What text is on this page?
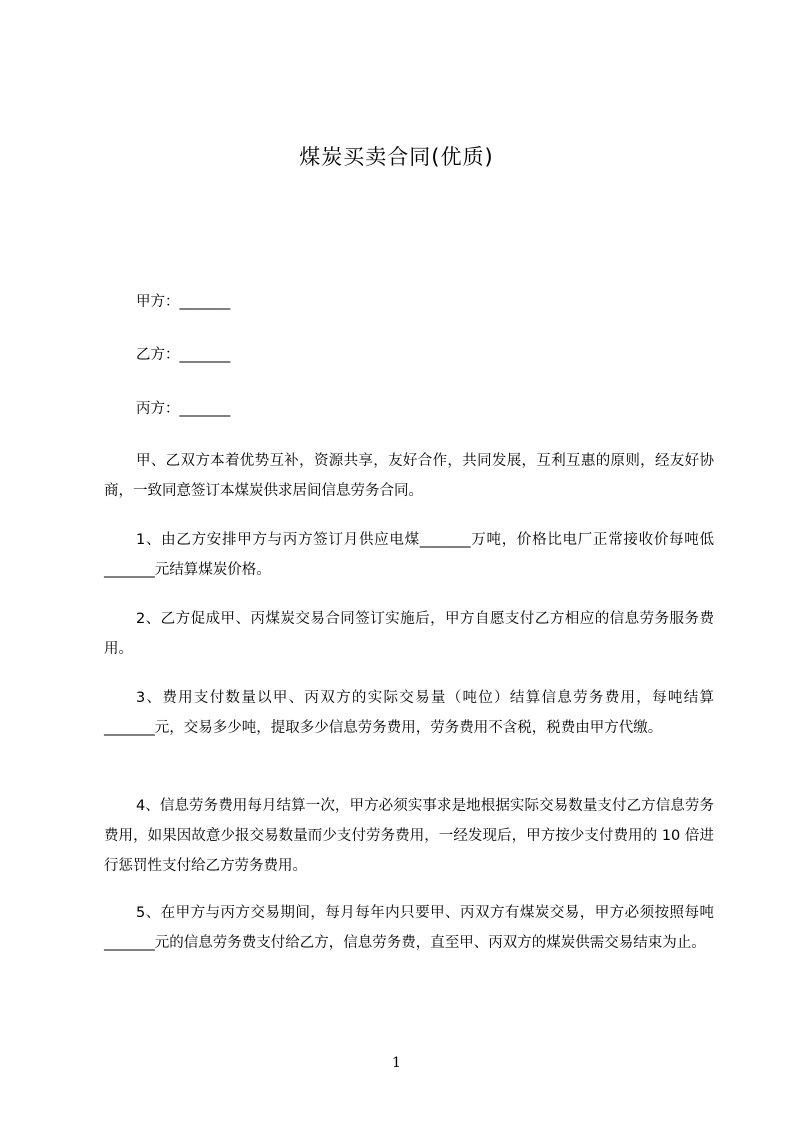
煤炭买卖合同(优质)
甲方：_______
乙方：_______
丙方：_______
甲、乙双方本着优势互补，资源共享，友好合作，共同发展，互利互惠的原则，经友好协商，一致同意签订本煤炭供求居间信息劳务合同。
1、由乙方安排甲方与丙方签订月供应电煤_______万吨，价格比电厂正常接收价每吨低_______元结算煤炭价格。
2、乙方促成甲、丙煤炭交易合同签订实施后，甲方自愿支付乙方相应的信息劳务服务费用。
3、费用支付数量以甲、丙双方的实际交易量（吨位）结算信息劳务费用，每吨结算_______元，交易多少吨，提取多少信息劳务费用，劳务费用不含税，税费由甲方代缴。
4、信息劳务费用每月结算一次，甲方必须实事求是地根据实际交易数量支付乙方信息劳务费用，如果因故意少报交易数量而少支付劳务费用，一经发现后，甲方按少支付费用的 10 倍进行惩罚性支付给乙方劳务费用。
5、在甲方与丙方交易期间，每月每年内只要甲、丙双方有煤炭交易，甲方必须按照每吨_______元的信息劳务费支付给乙方，信息劳务费，直至甲、丙双方的煤炭供需交易结束为止。
1
